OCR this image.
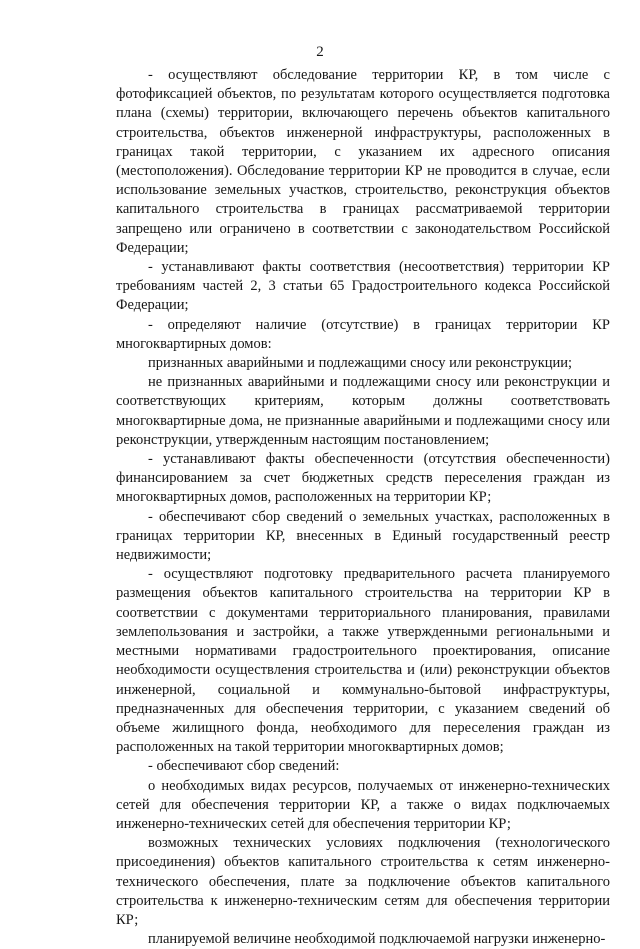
2

- осуществляют обследование территории КР, в том числе с фотофиксацией объектов, по результатам которого осуществляется подготовка плана (схемы) территории, включающего перечень объектов капитального строительства, объектов инженерной инфраструктуры, расположенных в границах такой территории, с указанием их адресного описания (местоположения). Обследование территории КР не проводится в случае, если использование земельных участков, строительство, реконструкция объектов капитального строительства в границах рассматриваемой территории запрещено или ограничено в соответствии с законодательством Российской Федерации;

- устанавливают факты соответствия (несоответствия) территории КР требованиям частей 2, 3 статьи 65 Градостроительного кодекса Российской Федерации;

- определяют наличие (отсутствие) в границах территории КР многоквартирных домов:

признанных аварийными и подлежащими сносу или реконструкции;

не признанных аварийными и подлежащими сносу или реконструкции и соответствующих критериям, которым должны соответствовать многоквартирные дома, не признанные аварийными и подлежащими сносу или реконструкции, утвержденным настоящим постановлением;

- устанавливают факты обеспеченности (отсутствия обеспеченности) финансированием за счет бюджетных средств переселения граждан из многоквартирных домов, расположенных на территории КР;

- обеспечивают сбор сведений о земельных участках, расположенных в границах территории КР, внесенных в Единый государственный реестр недвижимости;

- осуществляют подготовку предварительного расчета планируемого размещения объектов капитального строительства на территории КР в соответствии с документами территориального планирования, правилами землепользования и застройки, а также утвержденными региональными и местными нормативами градостроительного проектирования, описание необходимости осуществления строительства и (или) реконструкции объектов инженерной, социальной и коммунально-бытовой инфраструктуры, предназначенных для обеспечения территории, с указанием сведений об объеме жилищного фонда, необходимого для переселения граждан из расположенных на такой территории многоквартирных домов;

- обеспечивают сбор сведений:

о необходимых видах ресурсов, получаемых от инженерно-технических сетей для обеспечения территории КР, а также о видах подключаемых инженерно-технических сетей для обеспечения территории КР;

возможных технических условиях подключения (технологического присоединения) объектов капитального строительства к сетям инженерно-технического обеспечения, плате за подключение объектов капитального строительства к инженерно-техническим сетям для обеспечения территории КР;

планируемой величине необходимой подключаемой нагрузки инженерно-
